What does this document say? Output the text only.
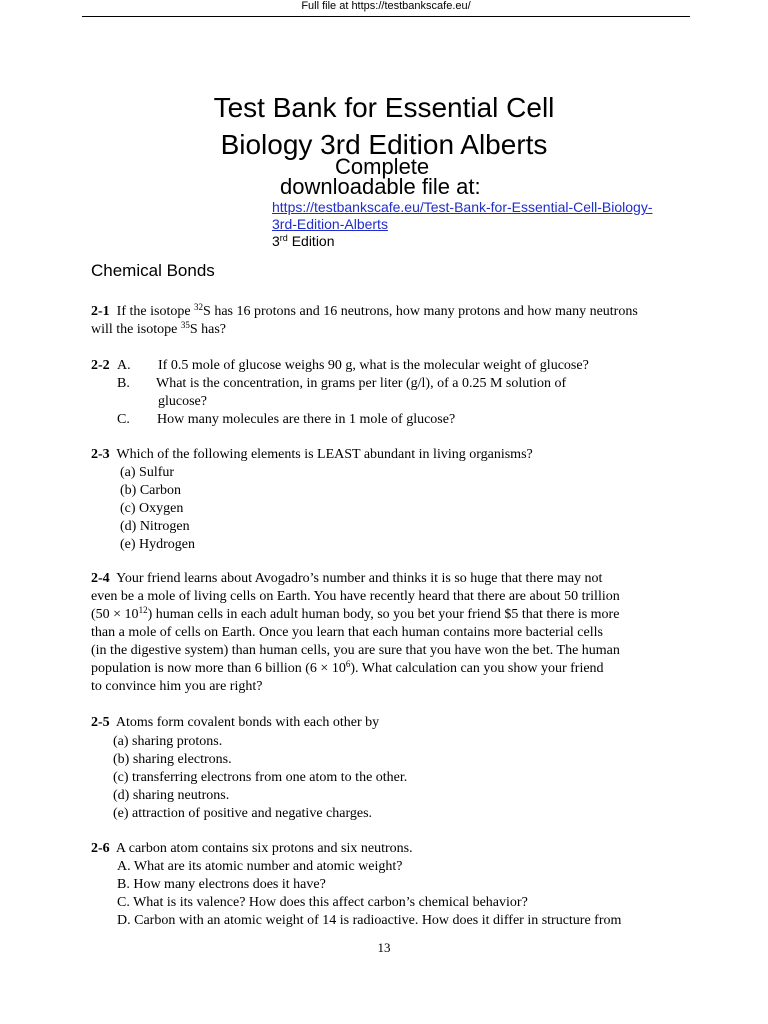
Full file at https://testbankscafe.eu/
Test Bank for Essential Cell
Biology 3rd Edition Alberts
Complete
downloadable file at:
https://testbankscafe.eu/Test-Bank-for-Essential-Cell-Biology-
3rd-Edition-Alberts
3rd Edition
Chemical Bonds
2-1 If the isotope $^{32}$S has 16 protons and 16 neutrons, how many protons and how many neutrons
will the isotope $^{35}$S has?
2-2 A. If 0.5 mole of glucose weighs 90 g, what is the molecular weight of glucose?
B. What is the concentration, in grams per liter (g/l), of a 0.25 M solution of
glucose?
C. How many molecules are there in 1 mole of glucose?
2-3 Which of the following elements is LEAST abundant in living organisms?
(a) Sulfur
(b) Carbon
(c) Oxygen
(d) Nitrogen
(e) Hydrogen
2-4 Your friend learns about Avogadro’s number and thinks it is so huge that there may not
even be a mole of living cells on Earth. You have recently heard that there are about 50 trillion
$(50 \times 10^{12})$ human cells in each adult human body, so you bet your friend $5 that there is more
than a mole of cells on Earth. Once you learn that each human contains more bacterial cells
(in the digestive system) than human cells, you are sure that you have won the bet. The human
population is now more than 6 billion $(6 \times 10^6)$. What calculation can you show your friend
to convince him you are right?
2-5 Atoms form covalent bonds with each other by
(a) sharing protons.
(b) sharing electrons.
(c) transferring electrons from one atom to the other.
(d) sharing neutrons.
(e) attraction of positive and negative charges.
2-6 A carbon atom contains six protons and six neutrons.
A. What are its atomic number and atomic weight?
B. How many electrons does it have?
C. What is its valence? How does this affect carbon’s chemical behavior?
D. Carbon with an atomic weight of 14 is radioactive. How does it differ in structure from
13
